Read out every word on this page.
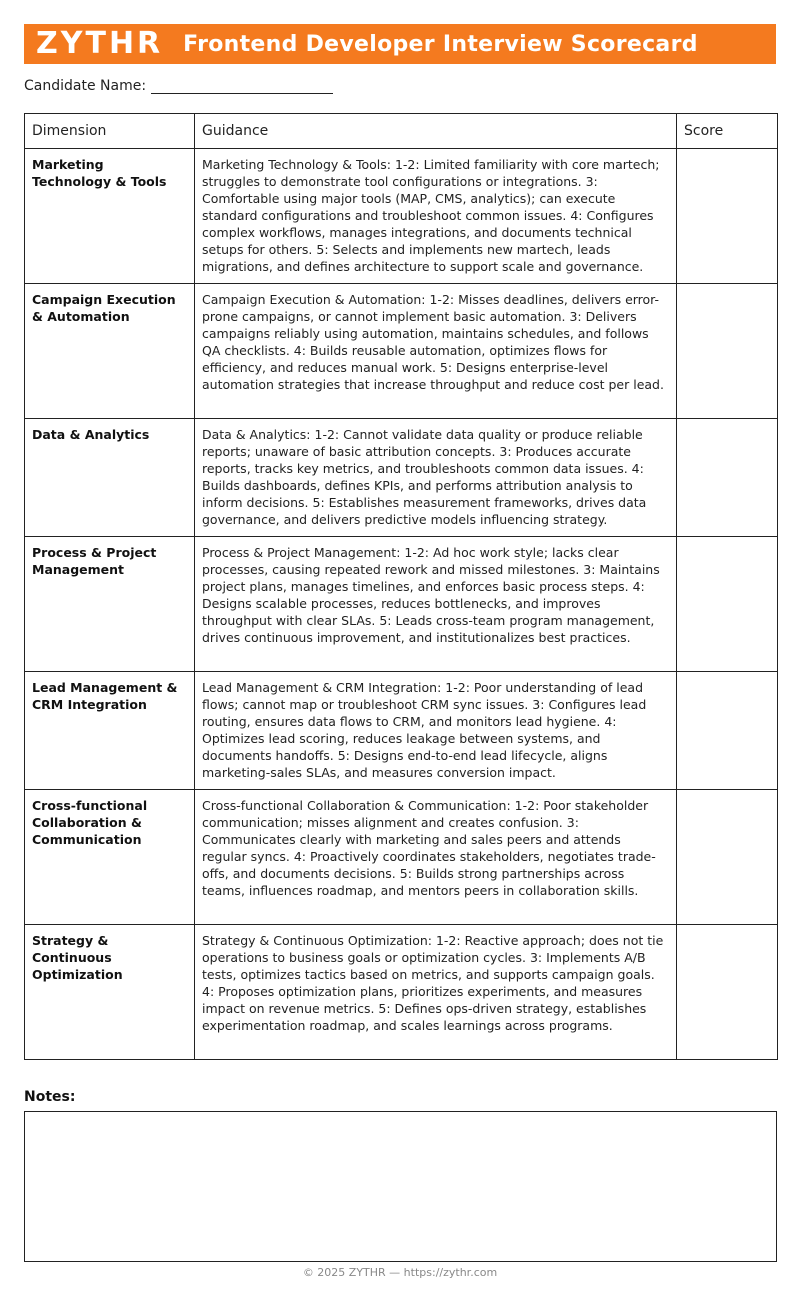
ZYTHR Frontend Developer Interview Scorecard
Candidate Name:
Dimension	Guidance	Score
Marketing Technology & Tools	Marketing Technology & Tools: 1-2: Limited familiarity with core martech; struggles to demonstrate tool configurations or integrations. 3: Comfortable using major tools (MAP, CMS, analytics); can execute standard configurations and troubleshoot common issues. 4: Configures complex workflows, manages integrations, and documents technical setups for others. 5: Selects and implements new martech, leads migrations, and defines architecture to support scale and governance.	
Campaign Execution & Automation	Campaign Execution & Automation: 1-2: Misses deadlines, delivers error-prone campaigns, or cannot implement basic automation. 3: Delivers campaigns reliably using automation, maintains schedules, and follows QA checklists. 4: Builds reusable automation, optimizes flows for efficiency, and reduces manual work. 5: Designs enterprise-level automation strategies that increase throughput and reduce cost per lead.	
Data & Analytics	Data & Analytics: 1-2: Cannot validate data quality or produce reliable reports; unaware of basic attribution concepts. 3: Produces accurate reports, tracks key metrics, and troubleshoots common data issues. 4: Builds dashboards, defines KPIs, and performs attribution analysis to inform decisions. 5: Establishes measurement frameworks, drives data governance, and delivers predictive models influencing strategy.	
Process & Project Management	Process & Project Management: 1-2: Ad hoc work style; lacks clear processes, causing repeated rework and missed milestones. 3: Maintains project plans, manages timelines, and enforces basic process steps. 4: Designs scalable processes, reduces bottlenecks, and improves throughput with clear SLAs. 5: Leads cross-team program management, drives continuous improvement, and institutionalizes best practices.	
Lead Management & CRM Integration	Lead Management & CRM Integration: 1-2: Poor understanding of lead flows; cannot map or troubleshoot CRM sync issues. 3: Configures lead routing, ensures data flows to CRM, and monitors lead hygiene. 4: Optimizes lead scoring, reduces leakage between systems, and documents handoffs. 5: Designs end-to-end lead lifecycle, aligns marketing-sales SLAs, and measures conversion impact.	
Cross-functional Collaboration & Communication	Cross-functional Collaboration & Communication: 1-2: Poor stakeholder communication; misses alignment and creates confusion. 3: Communicates clearly with marketing and sales peers and attends regular syncs. 4: Proactively coordinates stakeholders, negotiates trade-offs, and documents decisions. 5: Builds strong partnerships across teams, influences roadmap, and mentors peers in collaboration skills.	
Strategy & Continuous Optimization	Strategy & Continuous Optimization: 1-2: Reactive approach; does not tie operations to business goals or optimization cycles. 3: Implements A/B tests, optimizes tactics based on metrics, and supports campaign goals. 4: Proposes optimization plans, prioritizes experiments, and measures impact on revenue metrics. 5: Defines ops-driven strategy, establishes experimentation roadmap, and scales learnings across programs.	
Notes:
© 2025 ZYTHR — https://zythr.com
